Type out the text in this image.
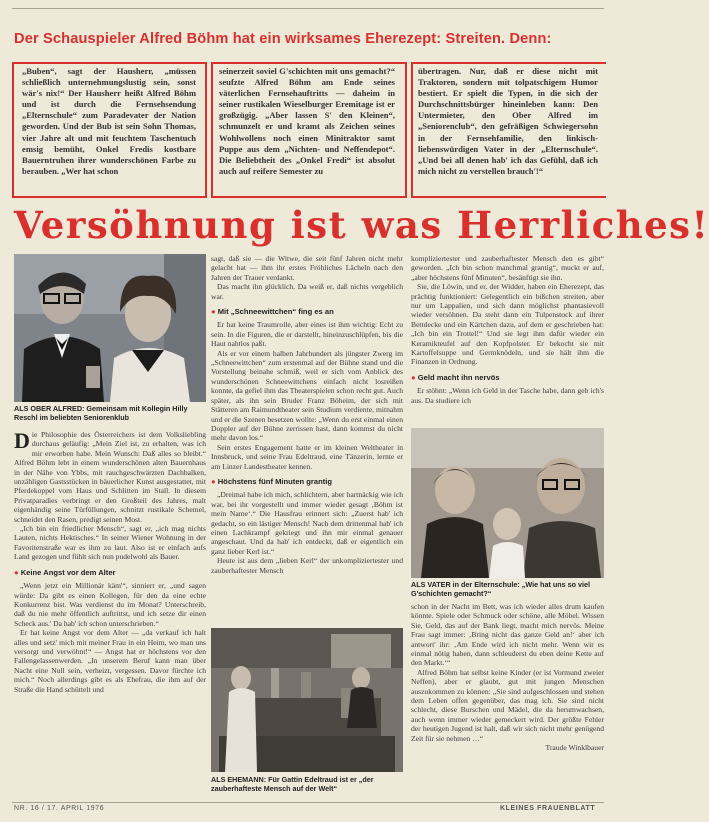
Der Schauspieler Alfred Böhm hat ein wirksames Eherezept: Streiten. Denn:
„Buben“, sagt der Hausherr, „müssen schließlich unternehmungslustig sein, sonst wär's nix!“ Der Hausherr heißt Alfred Böhm und ist durch die Fernsehsendung „Elternschule“ zum Paradevater der Nation geworden. Und der Bub ist sein Sohn Thomas, vier Jahre alt und mit feuchtem Taschentuch emsig bemüht, Onkel Fredis kostbare Bauerntruhen ihrer wunderschönen Farbe zu berauben. „Wer hat schon
seinerzeit soviel G'schichten mit uns gemacht?“ seufzte Alfred Böhm am Ende seines väterlichen Fernsehauftritts — daheim in seiner rustikalen Wieselburger Eremitage ist er großzügig. „Aber lassen S' den Kleinen“, schmunzelt er und kramt als Zeichen seines Wohlwollens noch einen Minitraktor samt Puppe aus dem „Nichten- und Neffendepot“. Die Beliebtheit des „Onkel Fredi“ ist absolut auch auf reifere Semester zu
übertragen. Nur, daß er diese nicht mit Traktoren, sondern mit tolpatschigem Humor bestiert. Er spielt die Typen, in die sich der Durchschnittsbürger hineinleben kann: Den Untermieter, den Ober Alfred im „Seniorenclub“, den gefräßigen Schwiegersohn in der Fernsehfamilie, den linkisch-liebenswürdigen Vater in der „Elternschule“. „Und bei all denen hab' ich das Gefühl, daß ich mich nicht zu verstellen brauch'!“
Versöhnung ist was Herrliches!
ALS OBER ALFRED: Gemeinsam mit Kollegin Hilly Reschl im beliebten Seniorenklub

Die Philosophie des Österreichers ist dem Volksliebling durchaus geläufig: „Mein Ziel ist, zu erhalten, was ich mir erworben habe. Mein Wunsch: Daß alles so bleibt.“ Alfred Böhm lebt in einem wunderschönen alten Bauernhaus in der Nähe von Ybbs, mit rauchgeschwärzten Dachbalken, unzähligen Gastsstücken in bäuerlicher Kunst ausgestattet, mit Pferdekoppel vom Haus und Schlitten im Stall. In diesem Privatparadies verbringt er den Großteil des Jahres, malt eigenhändig seine Türfüllungen, schnitzt rustikale Schemel, schneidet den Rasen, predigt seinen Most.

„Ich bin ein friedlicher Mensch“, sagt er, „ich mag nichts Lauten, nichts Hektisches.“ In seiner Wiener Wohnung in der Favoritenstraße war es ihm zu laut. Also ist er einfach aufs Land gezogen und fühlt sich nun pudelwohl als Bauer.

● Keine Angst vor dem Alter

„Wenn jetzt ein Millionär käm'“, sinniert er, „und sagen würde: Da gibt es einen Kollegen, für den da eine echte Konkurrenz bist. Was verdienst du im Monat? Unterschreib, daß du nie mehr öffentlich auftrittst, und ich setze dir einen Scheck aus.' Da hab' ich schon unterschrieben.“

Er hat keine Angst vor dem Alter — „da verkauf ich halt alles und setz' mich mit meiner Frau in ein Heim, wo man uns versorgt und verwöhnt!“ — Angst hat er höchstens vor den Fallengelassenwerden. „In unserem Beruf kann man über Nacht eine Null sein, verheizt, vergessen. Davor fürchte ich mich.“ Noch allerdings gibt es als Ehefrau, die ihm auf der Straße die Hand schüttelt und

sagt, daß sie — die Witwe, die seit fünf Jahren nicht mehr gelacht hat — ihm ihr erstes Fröhliches Lächeln nach den Jahren der Trauer verdankt.

Das macht ihn glücklich. Da weiß er, daß nichts vergeblich war.

● Mit „Schneewittchen“ fing es an

Er hat keine Traumrolle, aber eines ist ihm wichtig: Echt zu sein. In die Figuren, die er darstellt, hineinzuschlüpfen, bis die Haut nahtlos paßt.

Als er vor einem halben Jahrhundert als jüngster Zwerg im „Schneewittchen“ zum erstenmal auf der Bühne stand und die Vorstellung beinahe schmiß, weil er sich vom Anblick des wunderschönen Schneewittchens einfach nicht losreißen konnte, da gefiel ihm das Theaterspielen schon recht gut. Auch später, als ihn sein Bruder Franz Böheim, der sich mit Stätteren am Raimundtheater sein Studium verdiente, mitnahm und er die Szenen besetzen wollte: „Wenn du erst einmal einen Doppler auf der Bühne zerrissen hast, dann kommst du nicht mehr davon los.“

Sein erstes Engagement hatte er im kleinen Weltheater in Innsbruck, und seine Frau Edeltraud, eine Tänzerin, lernte er am Linzer Landestheater kennen.

● Höchstens fünf Minuten grantig

„Dreimal habe ich mich, schlichtern, aber hartnäckig wie ich war, bei ihr vorgestellt und immer wieder gesagt ‚Böhm ist mein Name‘.“ Die Hausfrau erinnert sich: „Zuerst hab' ich gedacht, so ein lästiger Mensch! Nach dem drittenmal hab' ich einen Lachkrampf gekriegt und ihn mir einmal genauer angeschaut. Und da hab' ich entdeckt, daß er eigentlich ein ganz lieber Kerl ist.“

Heute ist aus dem „lieben Kerl“ der unkompliziertester und zauberhaftester Mensch

ALS EHEMANN: Für Gattin Edeltraud ist er „der zauberhafteste Mensch auf der Welt“

kompliziertester und zauberhaftester Mensch den es gibt“ geworden. „Ich bin schon manchmal grantig“, muckt er auf, „aber höchstens fünf Minuten“, besänftigt sie ihn.

Sie, die Löwin, und er, der Widder, haben ein Eherezept, das prächtig funktioniert: Gelegentlich ein bißchen streiten, aber nur um Lappalien, und sich dann möglichst phantasievoll wieder versöhnen. Da steht dann ein Tulpenstock auf ihrer Bettdecke und ein Kärtchen dazu, auf dem er geschrieben hat: „Ich bin ein Trottel!“ Und sie legt ihm dafür wieder ein Keramikteufel auf den Kopfpolster. Er bekocht sie mit Kartoffelsuppe und Germknödeln, und sie hält ihm die Finanzen in Ordnung.

● Geld macht ihn nervös

Er stöhnt: „Wenn ich Geld in der Tasche habe, dann geb ich's aus. Da studiere ich

ALS VATER in der Elternschule: „Wie hat uns so viel G'schichten gemacht?“

schon in der Nacht im Bett, was ich wieder alles drum kaufen könnte. Spiele oder Schmuck oder schöne, alle Möbel. Wissen Sie, Geld, das auf der Bank liegt, macht mich nervös. Meine Frau sagt immer: ‚Bring nicht das ganze Geld an!‘ aber ich antwort' ihr: ‚Am Ende wird ich nicht mehr. Wenn wir es einmal nötig haben, dann schleuderst du eben deine Kette auf den Markt.‘“

Alfred Böhm hat selbst keine Kinder (er ist Vormund zweier Neffen), aber er glaubt, gut mit jungen Menschen auszukommen zu können: „Sie sind aufgeschlossen und stehen dem Leben offen gegenüber, das mag ich. Sie sind nicht schlecht, diese Burschen und Mädel, die da herumwachsen, auch wenn immer wieder gemeckert wird. Der größte Fehler der heutigen Jugend ist halt, daß wir sich nicht mehr genügend Zeit für sie nehmen …“

Traude Winklbauer

NR. 16 / 17. APRIL 1976	KLEINES FRAUENBLATT
